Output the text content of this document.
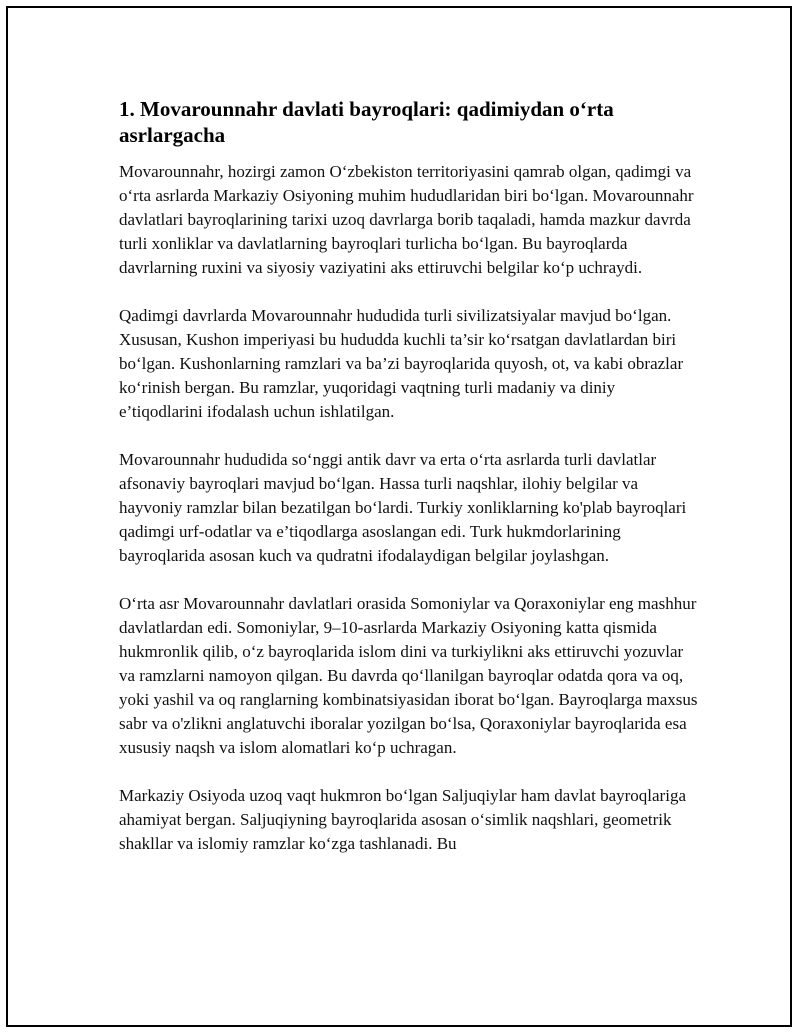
1. Movarounnahr davlati bayroqlari: qadimiydan o‘rta asrlargacha

Movarounnahr, hozirgi zamon O‘zbekiston territoriyasini qamrab olgan, qadimgi va o‘rta asrlarda Markaziy Osiyoning muhim hududlaridan biri bo‘lgan. Movarounnahr davlatlari bayroqlarining tarixi uzoq davrlarga borib taqaladi, hamda mazkur davrda turli xonliklar va davlatlarning bayroqlari turlicha bo‘lgan. Bu bayroqlarda davrlarning ruxini va siyosiy vaziyatini aks ettiruvchi belgilar ko‘p uchraydi.

Qadimgi davrlarda Movarounnahr hududida turli sivilizatsiyalar mavjud bo‘lgan. Xususan, Kushon imperiyasi bu hududda kuchli ta’sir ko‘rsatgan davlatlardan biri bo‘lgan. Kushonlarning ramzlari va ba’zi bayroqlarida quyosh, ot, va kabi obrazlar ko‘rinish bergan. Bu ramzlar, yuqoridagi vaqtning turli madaniy va diniy e’tiqodlarini ifodalash uchun ishlatilgan.

Movarounnahr hududida so‘nggi antik davr va erta o‘rta asrlarda turli davlatlar afsonaviy bayroqlari mavjud bo‘lgan. Hassa turli naqshlar, ilohiy belgilar va hayvoniy ramzlar bilan bezatilgan bo‘lardi. Turkiy xonliklarning ko'plab bayroqlari qadimgi urf-odatlar va e’tiqodlarga asoslangan edi. Turk hukmdorlarining bayroqlarida asosan kuch va qudratni ifodalaydigan belgilar joylashgan.

O‘rta asr Movarounnahr davlatlari orasida Somoniylar va Qoraxoniylar eng mashhur davlatlardan edi. Somoniylar, 9–10-asrlarda Markaziy Osiyoning katta qismida hukmronlik qilib, o‘z bayroqlarida islom dini va turkiylikni aks ettiruvchi yozuvlar va ramzlarni namoyon qilgan. Bu davrda qo‘llanilgan bayroqlar odatda qora va oq, yoki yashil va oq ranglarning kombinatsiyasidan iborat bo‘lgan. Bayroqlarga maxsus sabr va o'zlikni anglatuvchi iboralar yozilgan bo‘lsa, Qoraxoniylar bayroqlarida esa xususiy naqsh va islom alomatlari ko‘p uchragan.

Markaziy Osiyoda uzoq vaqt hukmron bo‘lgan Saljuqiylar ham davlat bayroqlariga ahamiyat bergan. Saljuqiyning bayroqlarida asosan o‘simlik naqshlari, geometrik shakllar va islomiy ramzlar ko‘zga tashlanadi. Bu
